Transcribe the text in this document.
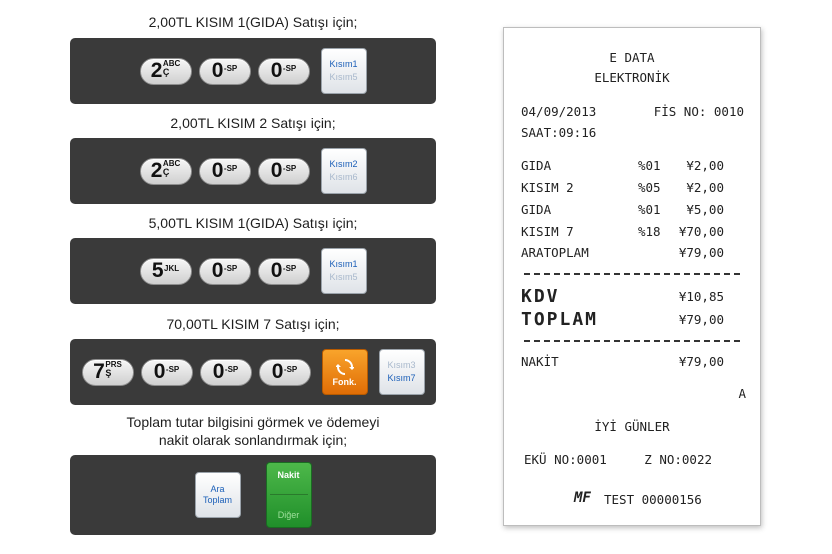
2,00TL KISIM 1(GIDA) Satışı için;
2 ABC
Ç	0 -SP 0 -SP	Kısım1
Kısım5
2,00TL KISIM 2 Satışı için;
2 ABC
Ç	0 -SP 0 -SP	Kısım2
Kısım6
5,00TL KISIM 1(GIDA) Satışı için;
5 JKL 0 -SP 0 -SP	Kısım1
Kısım5
70,00TL KISIM 7 Satışı için;
7 PRS
Ş	0 -SP 0 -SP 0 -SP
Fonk.
Kısım3
Kısım7
Toplam tutar bilgisini görmek ve ödemeyi
nakit olarak sonlandırmak için;
Ara
Toplam
Nakit
Diğer
E DATA
ELEKTRONİK
04/09/2013	FİS NO: 0010
SAAT:09:16
GIDA	%01 ¥2,00
KISIM 2	%05 ¥2,00
GIDA	%01 ¥5,00
KISIM 7	%18 ¥70,00
ARATOPLAM	¥79,00
KDV	¥10,85
TOPLAM	¥79,00
NAKİT	¥79,00
A
İYİ GÜNLER
EKÜ NO:0001	Z NO:0022
MF TEST 00000156
